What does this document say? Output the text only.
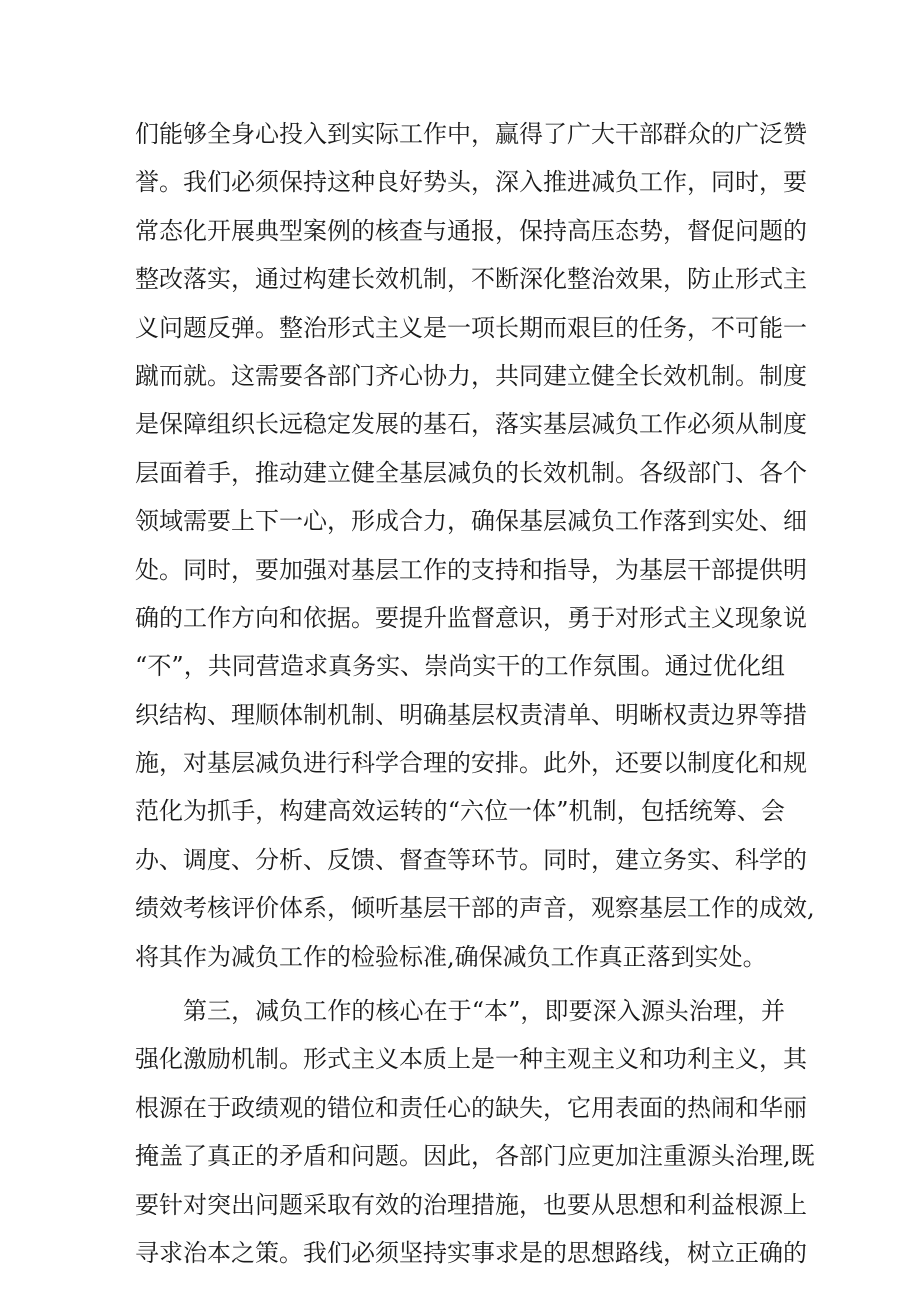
们能够全身心投入到实际工作中，赢得了广大干部群众的广泛赞
誉。我们必须保持这种良好势头，深入推进减负工作，同时，要
常态化开展典型案例的核查与通报，保持高压态势，督促问题的
整改落实，通过构建长效机制，不断深化整治效果，防止形式主
义问题反弹。整治形式主义是一项长期而艰巨的任务，不可能一
蹴而就。这需要各部门齐心协力，共同建立健全长效机制。制度
是保障组织长远稳定发展的基石，落实基层减负工作必须从制度
层面着手，推动建立健全基层减负的长效机制。各级部门、各个
领域需要上下一心，形成合力，确保基层减负工作落到实处、细
处。同时，要加强对基层工作的支持和指导，为基层干部提供明
确的工作方向和依据。要提升监督意识，勇于对形式主义现象说
“不”，共同营造求真务实、崇尚实干的工作氛围。通过优化组
织结构、理顺体制机制、明确基层权责清单、明晰权责边界等措
施，对基层减负进行科学合理的安排。此外，还要以制度化和规
范化为抓手，构建高效运转的“六位一体”机制，包括统筹、会
办、调度、分析、反馈、督查等环节。同时，建立务实、科学的
绩效考核评价体系，倾听基层干部的声音，观察基层工作的成效,
将其作为减负工作的检验标准,确保减负工作真正落到实处。
第三，减负工作的核心在于“本”，即要深入源头治理，并
强化激励机制。形式主义本质上是一种主观主义和功利主义，其
根源在于政绩观的错位和责任心的缺失，它用表面的热闹和华丽
掩盖了真正的矛盾和问题。因此，各部门应更加注重源头治理,既
要针对突出问题采取有效的治理措施，也要从思想和利益根源上
寻求治本之策。我们必须坚持实事求是的思想路线，树立正确的
